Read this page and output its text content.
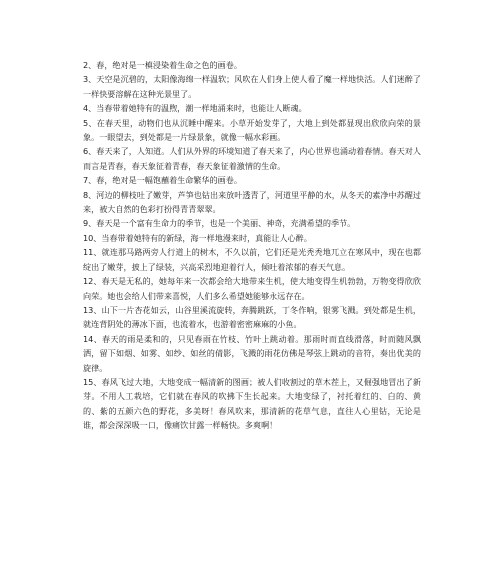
2、春，绝对是一槙浸染着生命之色的画卷。

3、天空是沉碧的，太阳像海绵一样温软；风吹在人们身上使人看了魔一样地快活。人们迷醉了一样快要溶解在这种光景里了。

4、当春带着她特有的温煦，潮一样地涌来时，也能让人断魂。

5、在春天里，动物们也从沉睡中醒来。小草开始发芽了，大地上到处都显现出欣欣向荣的景象。一眼望去，到处都是一片绿景象，就像一幅水彩画。

6、春天来了，人知道。人们从外界的环境知道了春天来了，内心世界也涌动着春情。春天对人而言是青春，春天象征着青春，春天象征着激情的生命。

7、春，绝对是一幅饱蘸着生命繁华的画卷。

8、河边的柳枝吐了嫩芽，芦笋也钻出来放叶透青了，河道里平静的水，从冬天的素净中苏醒过来，被大自然的色彩打扮得青青翠翠。

9、春天是一个富有生命力的季节，也是一个美丽、神奇，充满希望的季节。

10、当春带着她特有的新绿，海一样地漫来时，真能让人心醉。

11、就连那马路两旁人行道上的树木，不久以前，它们还是光秃秃地兀立在寒风中，现在也都绽出了嫩芽，披上了绿装，兴高采烈地迎着行人，倾吐着浓郁的春天气息。

12、春天是无私的，她每年来一次都会给大地带来生机，使大地变得生机勃勃，万物变得欣欣向荣。她也会给人们带来喜悦，人们多么希望她能够永远存在。

13、山下一片杏花如云，山谷里溪流旋转，奔腾跳跃，丁冬作响，银雾飞溅。到处都是生机，就连背阴处的薄冰下面，也流着水，也游着密密麻麻的小鱼。

14、春天的雨是柔和的，只见春雨在竹枝、竹叶上跳动着。那雨时而直线滑落，时而随风飘洒，留下如烟、如雾、如纱、如丝的倩影，飞溅的雨花仿佛是琴弦上跳动的音符，奏出优美的旋律。

15、春风飞过大地，大地变成一幅清新的图画；被人们收割过的草木茬上，又倔强地冒出了新芽。不用人工栽培，它们就在春风的吹拂下生长起来。大地变绿了，衬托着红的、白的、黄的、紫的五颜六色的野花，多美呀！春风吹来，那清新的花草气息，直往人心里钻，无论是谁，都会深深吸一口，像痛饮甘露一样畅快。多爽啊！
